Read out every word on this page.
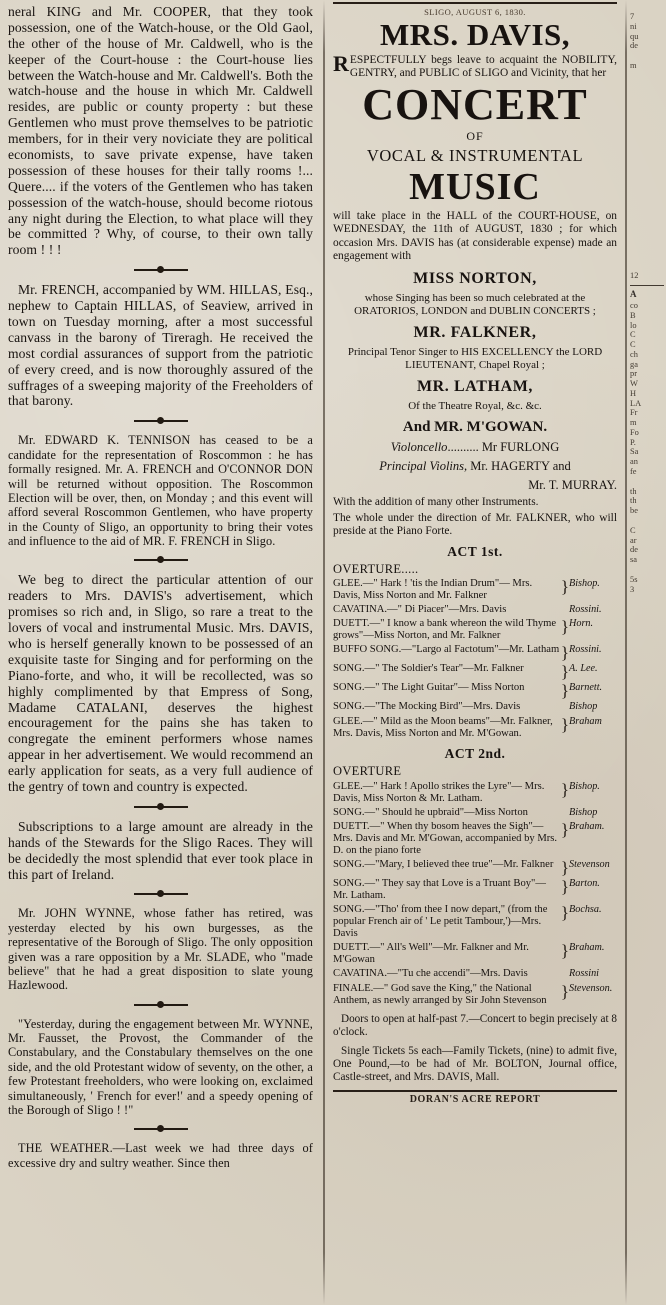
neral KING and Mr. COOPER, that they took possession, one of the Watch-house, or the Old Gaol, the other of the house of Mr. Caldwell, who is the keeper of the Court-house : the Court-house lies between the Watch-house and Mr. Caldwell's. Both the watch-house and the house in which Mr. Caldwell resides, are public or county property : but these Gentlemen who must prove themselves to be patriotic members, for in their very noviciate they are political economists, to save private expense, have taken possession of these houses for their tally rooms !... Quere.... if the voters of the Gentlemen who has taken possession of the watch-house, should become riotous any night during the Election, to what place will they be committed ? Why, of course, to their own tally room ! ! !

Mr. FRENCH, accompanied by WM. HILLAS, Esq., nephew to Captain HILLAS, of Seaview, arrived in town on Tuesday morning, after a most successful canvass in the barony of Tireragh. He received the most cordial assurances of support from the patriotic of every creed, and is now thoroughly assured of the suffrages of a sweeping majority of the Freeholders of that barony.

Mr. EDWARD K. TENNISON has ceased to be a candidate for the representation of Roscommon : he has formally resigned. Mr. A. FRENCH and O'CONNOR DON will be returned without opposition. The Roscommon Election will be over, then, on Monday ; and this event will afford several Roscommon Gentlemen, who have property in the County of Sligo, an opportunity to bring their votes and influence to the aid of MR. F. FRENCH in Sligo.

We beg to direct the particular attention of our readers to Mrs. DAVIS's advertisement, which promises so rich and, in Sligo, so rare a treat to the lovers of vocal and instrumental Music. Mrs. DAVIS, who is herself generally known to be possessed of an exquisite taste for Singing and for performing on the Piano-forte, and who, it will be recollected, was so highly complimented by that Empress of Song, Madame CATALANI, deserves the highest encouragement for the pains she has taken to congregate the eminent performers whose names appear in her advertisement. We would recommend an early application for seats, as a very full audience of the gentry of town and country is expected.

Subscriptions to a large amount are already in the hands of the Stewards for the Sligo Races. They will be decidedly the most splendid that ever took place in this part of Ireland.

Mr. JOHN WYNNE, whose father has retired, was yesterday elected by his own burgesses, as the representative of the Borough of Sligo. The only opposition given was a rare opposition by a Mr. SLADE, who "made believe" that he had a great disposition to slate young Hazlewood.

"Yesterday, during the engagement between Mr. WYNNE, Mr. Fausset, the Provost, the Commander of the Constabulary, and the Constabulary themselves on the one side, and the old Protestant widow of seventy, on the other, a few Protestant freeholders, who were looking on, exclaimed simultaneously, ' French for ever!' and a speedy opening of the Borough of Sligo ! !"

THE WEATHER.—Last week we had three days of excessive dry and sultry weather. Since then

SLIGO, AUGUST 6, 1830.
MRS. DAVIS,

RESPECTFULLY begs leave to acquaint the NOBILITY, GENTRY, and PUBLIC of SLIGO and Vicinity, that her

CONCERT
OF
VOCAL & INSTRUMENTAL
MUSIC

will take place in the HALL of the COURT-HOUSE, on WEDNESDAY, the 11th of AUGUST, 1830 ; for which occasion Mrs. DAVIS has (at considerable expense) made an engagement with

MISS NORTON,
whose Singing has been so much celebrated at the ORATORIOS, LONDON and DUBLIN CONCERTS ;
MR. FALKNER,
Principal Tenor Singer to HIS EXCELLENCY the LORD LIEUTENANT, Chapel Royal ;
MR. LATHAM,
Of the Theatre Royal, &c. &c.
And MR. M'GOWAN.
Violoncello.......... Mr FURLONG
Principal Violins, Mr. HAGERTY and
Mr. T. MURRAY.

With the addition of many other Instruments.

The whole under the direction of Mr. FALKNER, who will preside at the Piano Forte.

ACT 1st.
OVERTURE.....
GLEE.—" Hark ! 'tis the Indian Drum"— Mrs. Davis, Miss Norton and Mr. Falkner	}	Bishop.
CAVATINA.—" Di Piacer"—Mrs. Davis		Rossini.
DUETT.—" I know a bank whereon the wild Thyme grows"—Miss Norton, and Mr. Falkner	}	Horn.
BUFFO SONG.—"Largo al Factotum"—Mr. Latham	}	Rossini.
SONG.—" The Soldier's Tear"—Mr. Falkner	}	A. Lee.
SONG.—" The Light Guitar"— Miss Norton	}	Barnett.
SONG.—"The Mocking Bird"—Mrs. Davis		Bishop
GLEE.—" Mild as the Moon beams"—Mr. Falkner, Mrs. Davis, Miss Norton and Mr. M'Gowan.	}	Braham
ACT 2nd.
OVERTURE
GLEE.—" Hark ! Apollo strikes the Lyre"— Mrs. Davis, Miss Norton & Mr. Latham.	}	Bishop.
SONG.—" Should he upbraid"—Miss Norton		Bishop
DUETT.—" When thy bosom heaves the Sigh"—Mrs. Davis and Mr. M'Gowan, accompanied by Mrs. D. on the piano forte	}	Braham.
SONG.—"Mary, I believed thee true"—Mr. Falkner	}	Stevenson
SONG.—" They say that Love is a Truant Boy"—Mr. Latham.	}	Barton.
SONG.—"Tho' from thee I now depart," (from the popular French air of ' Le petit Tambour,')—Mrs. Davis	}	Bochsa.
DUETT.—" All's Well"—Mr. Falkner and Mr. M'Gowan	}	Braham.
CAVATINA.—"Tu che accendi"—Mrs. Davis		Rossini
FINALE.—" God save the King," the National Anthem, as newly arranged by Sir John Stevenson	}	Stevenson.

Doors to open at half-past 7.—Concert to begin precisely at 8 o'clock.

Single Tickets 5s each—Family Tickets, (nine) to admit five, One Pound,—to be had of Mr. BOLTON, Journal office, Castle-street, and Mrs. DAVIS, Mall.

DORAN'S ACRE REPORT

7

ni

qu

de

m

12

A

co

B

lo

C

C

ch

ga

pr

W

H

LA

Fr

m

Fo

P.

Sa

an

fe

th

th

be

C

ar

de

sa

5s

3
